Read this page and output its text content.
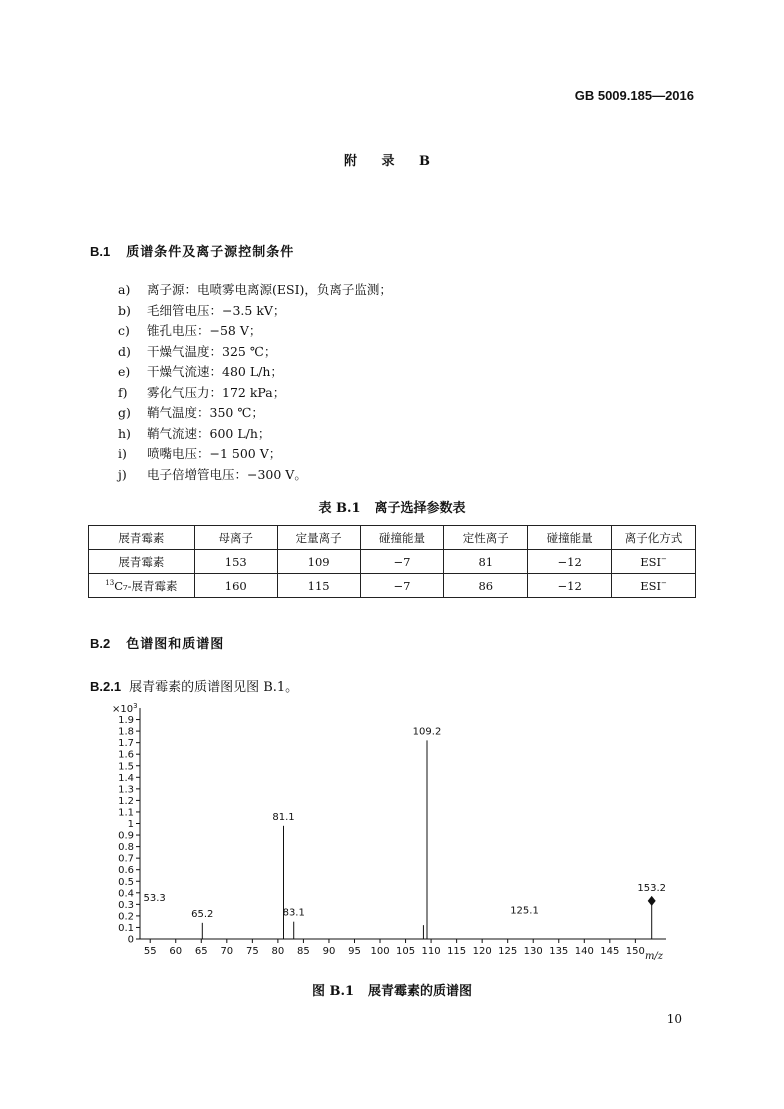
GB 5009.185—2016
附 录 B
B.1 质谱条件及离子源控制条件
a) 离子源：电喷雾电离源(ESI)，负离子监测；
b) 毛细管电压：−3.5 kV；
c) 锥孔电压：−58 V；
d) 干燥气温度：325 ℃；
e) 干燥气流速：480 L/h；
f) 雾化气压力：172 kPa；
g) 鞘气温度：350 ℃；
h) 鞘气流速：600 L/h；
i) 喷嘴电压：−1 500 V；
j) 电子倍增管电压：−300 V。
表 B.1 离子选择参数表
展青霉素	母离子	定量离子	碰撞能量	定性离子	碰撞能量	离子化方式
展青霉素	153	109	−7	81	−12	ESI−
$^{13}$C₇-展青霉素	160	115	−7	86	−12	ESI−
B.2 色谱图和质谱图
B.2.1 展青霉素的质谱图见图 B.1。
$\times 10^3$
0
0.1
0.2
0.3
0.4
0.5
0.6
0.7
0.8
0.9
1
1.1
1.2
1.3
1.4
1.5
1.6
1.7
1.8
1.9
55 60 65 70 75 80 85 90 95 100 105 110 115 120 125 130 135 140 145 150 m/z
65.2
81.1
83.1
109.2
153.2
53.3
125.1
图 B.1 展青霉素的质谱图
10
